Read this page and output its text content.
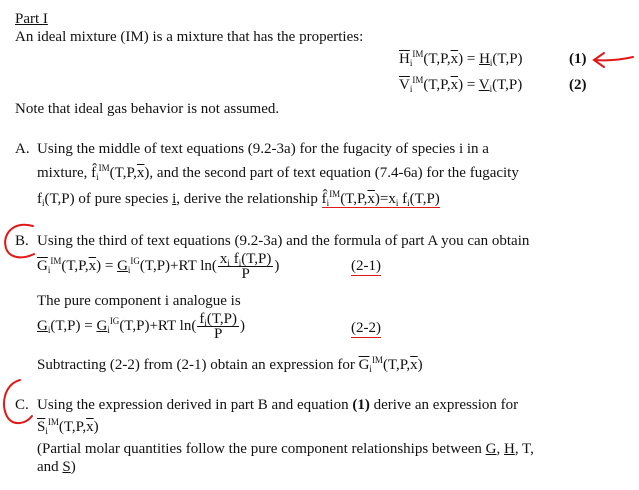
Part I
An ideal mixture (IM) is a mixture that has the properties:
$\overline{H}_i^{IM}(T,P,\overline{x}) = H_i(T,P)$	(1)
$\overline{V}_i^{IM}(T,P,\overline{x}) = V_i(T,P)$	(2)
Note that ideal gas behavior is not assumed.
A. Using the middle of text equations (9.2-3a) for the fugacity of species i in a
mixture, $f̂_i^{IM}(T,P,\overline{x})$, and the second part of text equation (7.4-6a) for the fugacity
$f_i(T,P)$ of pure species i, derive the relationship $f̂_i^{IM}(T,P,\overline{x})=x_i$ $f_i(T,P)$
B. Using the third of text equations (9.2-3a) and the formula of part A you can obtain
$\overline{G}_i^{IM}(T,P,\overline{x}) = G_i^{IG}(T,P)+RT$ $\ln( \frac{x_i f_i(T,P)}{P}$ )	(2-1)
The pure component i analogue is
$G_i(T,P) = G_i^{IG}(T,P)+RT$ $\ln( \frac{f_i(T,P)}{P}$ )	(2-2)
Subtracting (2-2) from (2-1) obtain an expression for $\overline{G}_i^{IM}(T,P,\overline{x})$
C. Using the expression derived in part B and equation (1) derive an expression for
$\overline{S}_i^{IM}(T,P,\overline{x})$
(Partial molar quantities follow the pure component relationships between G, H, T,
and S)
